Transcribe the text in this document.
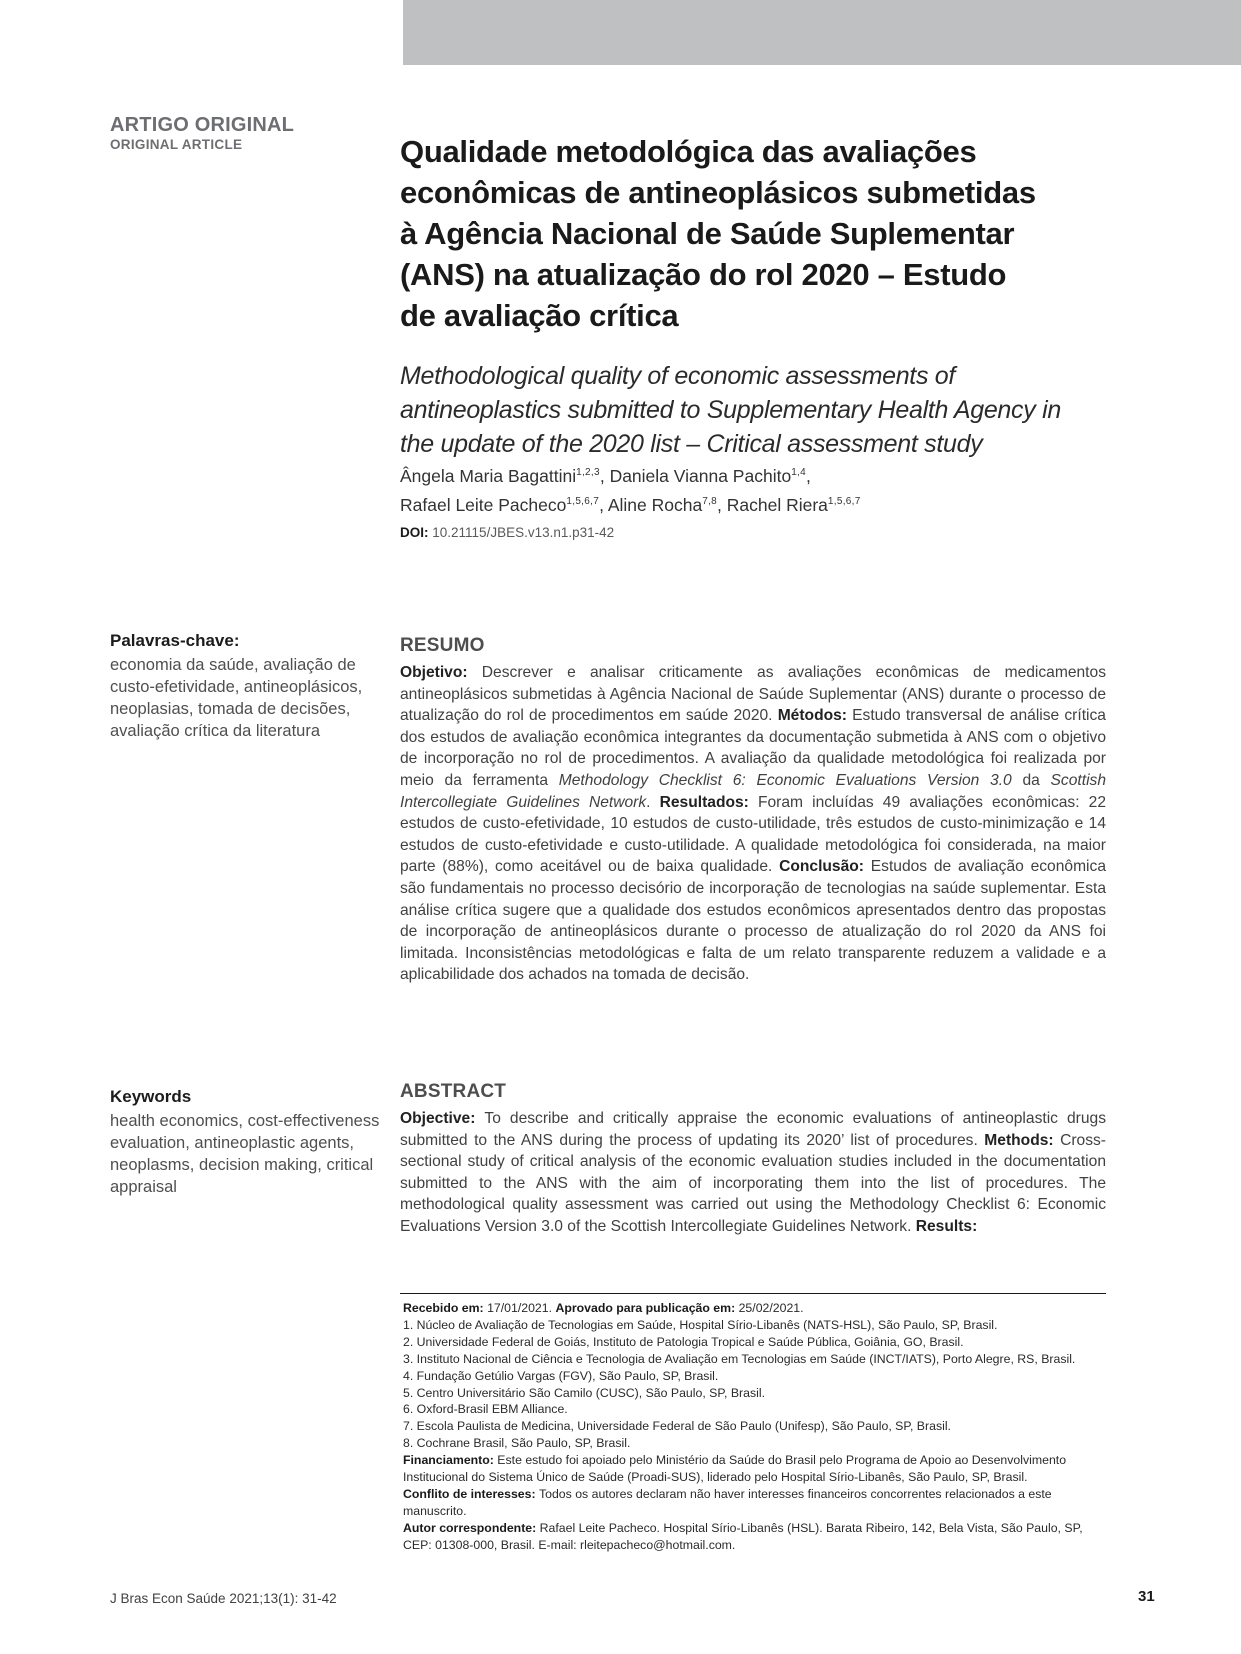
ARTIGO ORIGINAL
ORIGINAL ARTICLE	Qualidade metodológica das avaliações econômicas de antineoplásicos submetidas à Agência Nacional de Saúde Suplementar (ANS) na atualização do rol 2020 – Estudo de avaliação crítica
Methodological quality of economic assessments of antineoplastics submitted to Supplementary Health Agency in the update of the 2020 list – Critical assessment study
Ângela Maria Bagattini$^{1,2,3}$, Daniela Vianna Pachito$^{1,4}$,
Rafael Leite Pacheco$^{1,5,6,7}$, Aline Rocha$^{7,8}$, Rachel Riera$^{1,5,6,7}$
DOI: 10.21115/JBES.v13.n1.p31-42

Palavras-chave:

economia da saúde, avaliação de custo-efetividade, antineoplásicos, neoplasias, tomada de decisões, avaliação crítica da literatura

RESUMO

Objetivo: Descrever e analisar criticamente as avaliações econômicas de medicamentos antineoplásicos submetidas à Agência Nacional de Saúde Suplementar (ANS) durante o processo de atualização do rol de procedimentos em saúde 2020. Métodos: Estudo transversal de análise crítica dos estudos de avaliação econômica integrantes da documentação submetida à ANS com o objetivo de incorporação no rol de procedimentos. A avaliação da qualidade metodológica foi realizada por meio da ferramenta Methodology Checklist 6: Economic Evaluations Version 3.0 da Scottish Intercollegiate Guidelines Network. Resultados: Foram incluídas 49 avaliações econômicas: 22 estudos de custo-efetividade, 10 estudos de custo-utilidade, três estudos de custo-minimização e 14 estudos de custo-efetividade e custo-utilidade. A qualidade metodológica foi considerada, na maior parte (88%), como aceitável ou de baixa qualidade. Conclusão: Estudos de avaliação econômica são fundamentais no processo decisório de incorporação de tecnologias na saúde suplementar. Esta análise crítica sugere que a qualidade dos estudos econômicos apresentados dentro das propostas de incorporação de antineoplásicos durante o processo de atualização do rol 2020 da ANS foi limitada. Inconsistências metodológicas e falta de um relato transparente reduzem a validade e a aplicabilidade dos achados na tomada de decisão.

Keywords

health economics, cost-effectiveness evaluation, antineoplastic agents, neoplasms, decision making, critical appraisal

ABSTRACT

Objective: To describe and critically appraise the economic evaluations of antineoplastic drugs submitted to the ANS during the process of updating its 2020’ list of procedures. Methods: Cross-sectional study of critical analysis of the economic evaluation studies included in the documentation submitted to the ANS with the aim of incorporating them into the list of procedures. The methodological quality assessment was carried out using the Methodology Checklist 6: Economic Evaluations Version 3.0 of the Scottish Intercollegiate Guidelines Network. Results:

Recebido em: 17/01/2021. Aprovado para publicação em: 25/02/2021.

1. Núcleo de Avaliação de Tecnologias em Saúde, Hospital Sírio-Libanês (NATS-HSL), São Paulo, SP, Brasil.

2. Universidade Federal de Goiás, Instituto de Patologia Tropical e Saúde Pública, Goiânia, GO, Brasil.

3. Instituto Nacional de Ciência e Tecnologia de Avaliação em Tecnologias em Saúde (INCT/IATS), Porto Alegre, RS, Brasil.

4. Fundação Getúlio Vargas (FGV), São Paulo, SP, Brasil.

5. Centro Universitário São Camilo (CUSC), São Paulo, SP, Brasil.

6. Oxford-Brasil EBM Alliance.

7. Escola Paulista de Medicina, Universidade Federal de São Paulo (Unifesp), São Paulo, SP, Brasil.

8. Cochrane Brasil, São Paulo, SP, Brasil.

Financiamento: Este estudo foi apoiado pelo Ministério da Saúde do Brasil pelo Programa de Apoio ao Desenvolvimento Institucional do Sistema Único de Saúde (Proadi-SUS), liderado pelo Hospital Sírio-Libanês, São Paulo, SP, Brasil.

Conflito de interesses: Todos os autores declaram não haver interesses financeiros concorrentes relacionados a este manuscrito.

Autor correspondente: Rafael Leite Pacheco. Hospital Sírio-Libanês (HSL). Barata Ribeiro, 142, Bela Vista, São Paulo, SP, CEP: 01308-000, Brasil. E-mail: rleitepacheco@hotmail.com.

J Bras Econ Saúde 2021;13(1): 31-42	31
